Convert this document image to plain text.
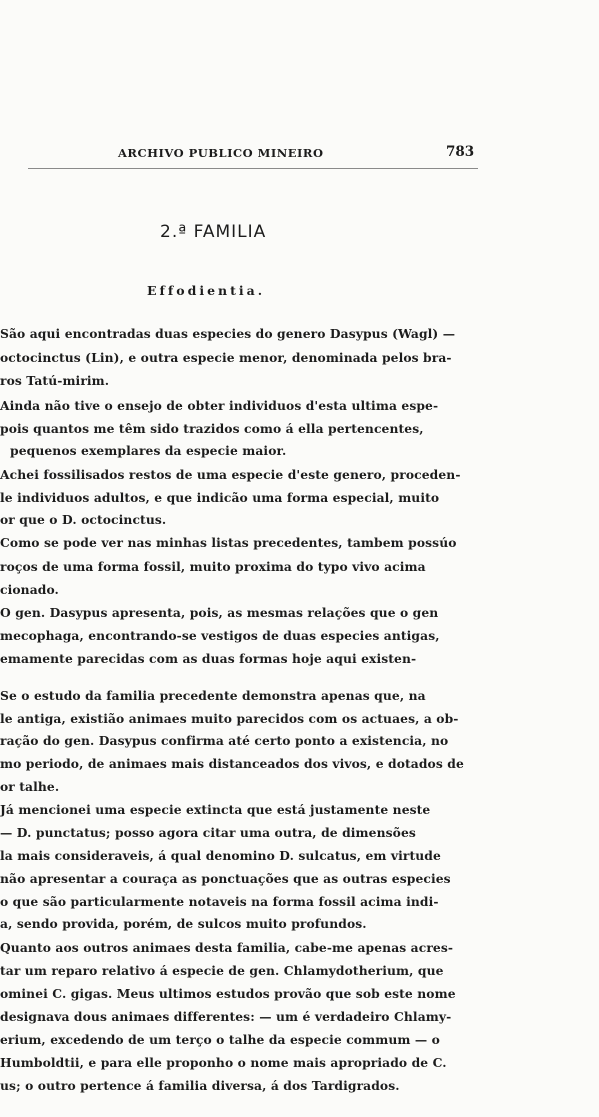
ARCHIVO PUBLICO MINEIRO	783
2.ª FAMILIA
Effodientia.
São aqui encontradas duas especies do genero Dasypus (Wagl) —
octocinctus (Lin), e outra especie menor, denominada pelos bra-
ros Tatú-mirim.
Ainda não tive o ensejo de obter individuos d'esta ultima espe-
pois quantos me têm sido trazidos como á ella pertencentes,
pequenos exemplares da especie maior.
Achei fossilisados restos de uma especie d'este genero, proceden-
le individuos adultos, e que indicão uma forma especial, muito
or que o D. octocinctus.
Como se pode ver nas minhas listas precedentes, tambem possúo
roços de uma forma fossil, muito proxima do typo vivo acima
cionado.
O gen. Dasypus apresenta, pois, as mesmas relações que o gen
mecophaga, encontrando-se vestigos de duas especies antigas,
emamente parecidas com as duas formas hoje aqui existen-
Se o estudo da familia precedente demonstra apenas que, na
le antiga, existião animaes muito parecidos com os actuaes, a ob-
ração do gen. Dasypus confirma até certo ponto a existencia, no
mo periodo, de animaes mais distanceados dos vivos, e dotados de
or talhe.
Já mencionei uma especie extincta que está justamente neste
— D. punctatus; posso agora citar uma outra, de dimensões
la mais consideraveis, á qual denomino D. sulcatus, em virtude
não apresentar a couraça as ponctuações que as outras especies
o que são particularmente notaveis na forma fossil acima indi-
a, sendo provida, porém, de sulcos muito profundos.
Quanto aos outros animaes desta familia, cabe-me apenas acres-
tar um reparo relativo á especie de gen. Chlamydotherium, que
ominei C. gigas. Meus ultimos estudos provão que sob este nome
designava dous animaes differentes: — um é verdadeiro Chlamy-
erium, excedendo de um terço o talhe da especie commum — o
Humboldtii, e para elle proponho o nome mais apropriado de C.
us; o outro pertence á familia diversa, á dos Tardigrados.
